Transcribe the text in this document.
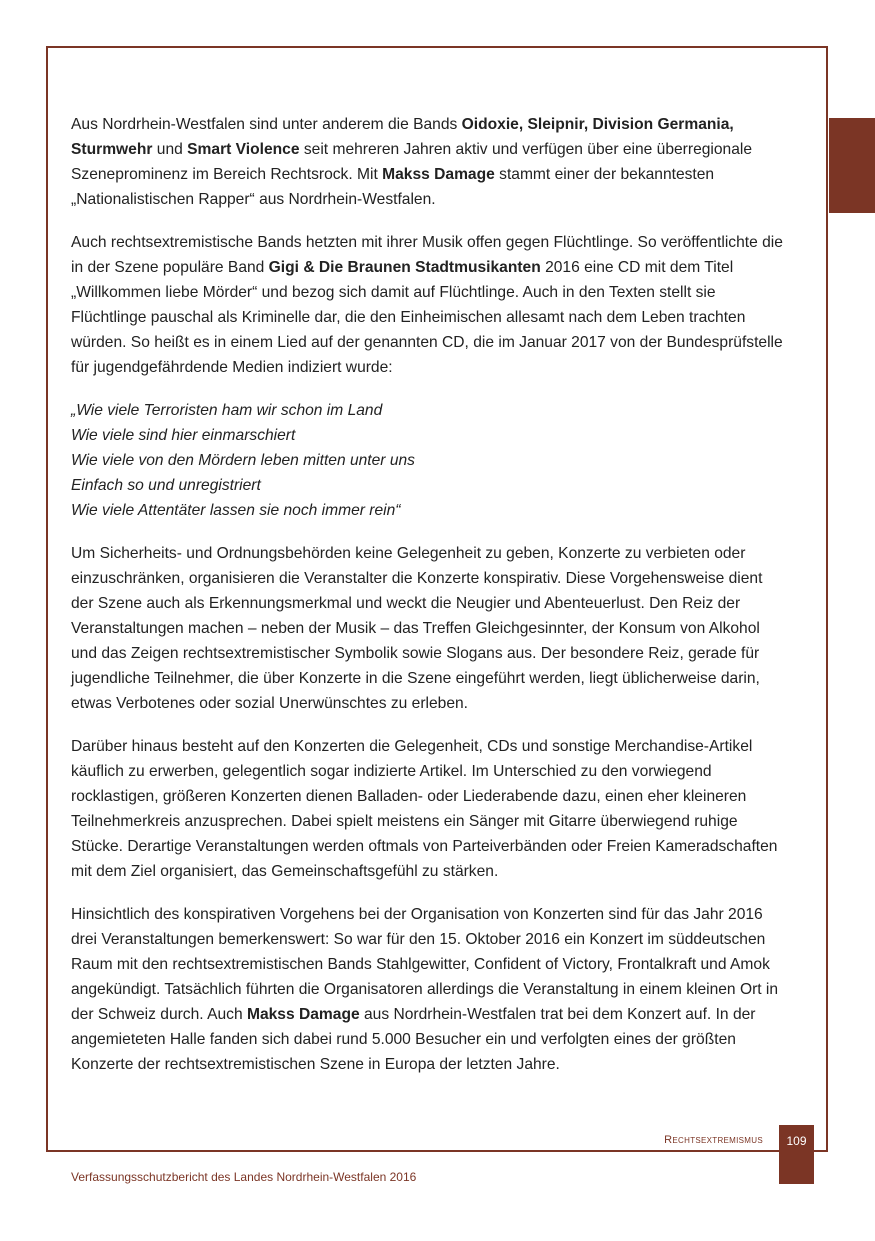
Aus Nordrhein-Westfalen sind unter anderem die Bands Oidoxie, Sleipnir, Division Germania, Sturmwehr und Smart Violence seit mehreren Jahren aktiv und verfügen über eine überregionale Szeneprominenz im Bereich Rechtsrock. Mit Makss Damage stammt einer der bekanntesten „Nationalistischen Rapper“ aus Nordrhein-Westfalen.

Auch rechtsextremistische Bands hetzten mit ihrer Musik offen gegen Flüchtlinge. So veröffentlichte die in der Szene populäre Band Gigi & Die Braunen Stadtmusikanten 2016 eine CD mit dem Titel „Willkommen liebe Mörder“ und bezog sich damit auf Flüchtlinge. Auch in den Texten stellt sie Flüchtlinge pauschal als Kriminelle dar, die den Einheimischen allesamt nach dem Leben trachten würden. So heißt es in einem Lied auf der genannten CD, die im Januar 2017 von der Bundesprüfstelle für jugendgefährdende Medien indiziert wurde:

„Wie viele Terroristen ham wir schon im Land

Wie viele sind hier einmarschiert

Wie viele von den Mördern leben mitten unter uns

Einfach so und unregistriert

Wie viele Attentäter lassen sie noch immer rein“

Um Sicherheits- und Ordnungsbehörden keine Gelegenheit zu geben, Konzerte zu verbieten oder einzuschränken, organisieren die Veranstalter die Konzerte konspirativ. Diese Vorgehensweise dient der Szene auch als Erkennungsmerkmal und weckt die Neugier und Abenteuerlust. Den Reiz der Veranstaltungen machen – neben der Musik – das Treffen Gleichgesinnter, der Konsum von Alkohol und das Zeigen rechtsextremistischer Symbolik sowie Slogans aus. Der besondere Reiz, gerade für jugendliche Teilnehmer, die über Konzerte in die Szene eingeführt werden, liegt üblicherweise darin, etwas Verbotenes oder sozial Unerwünschtes zu erleben.

Darüber hinaus besteht auf den Konzerten die Gelegenheit, CDs und sonstige Merchandise-Artikel käuflich zu erwerben, gelegentlich sogar indizierte Artikel. Im Unterschied zu den vorwiegend rocklastigen, größeren Konzerten dienen Balladen- oder Liederabende dazu, einen eher kleineren Teilnehmerkreis anzusprechen. Dabei spielt meistens ein Sänger mit Gitarre überwiegend ruhige Stücke. Derartige Veranstaltungen werden oftmals von Parteiverbänden oder Freien Kameradschaften mit dem Ziel organisiert, das Gemeinschaftsgefühl zu stärken.

Hinsichtlich des konspirativen Vorgehens bei der Organisation von Konzerten sind für das Jahr 2016 drei Veranstaltungen bemerkenswert: So war für den 15. Oktober 2016 ein Konzert im süddeutschen Raum mit den rechtsextremistischen Bands Stahlgewitter, Confident of Victory, Frontalkraft und Amok angekündigt. Tatsächlich führten die Organisatoren allerdings die Veranstaltung in einem kleinen Ort in der Schweiz durch. Auch Makss Damage aus Nordrhein-Westfalen trat bei dem Konzert auf. In der angemieteten Halle fanden sich dabei rund 5.000 Besucher ein und verfolgten eines der größten Konzerte der rechtsextremistischen Szene in Europa der letzten Jahre.

Rechtsextremismus	109
Verfassungsschutzbericht des Landes Nordrhein-Westfalen 2016
